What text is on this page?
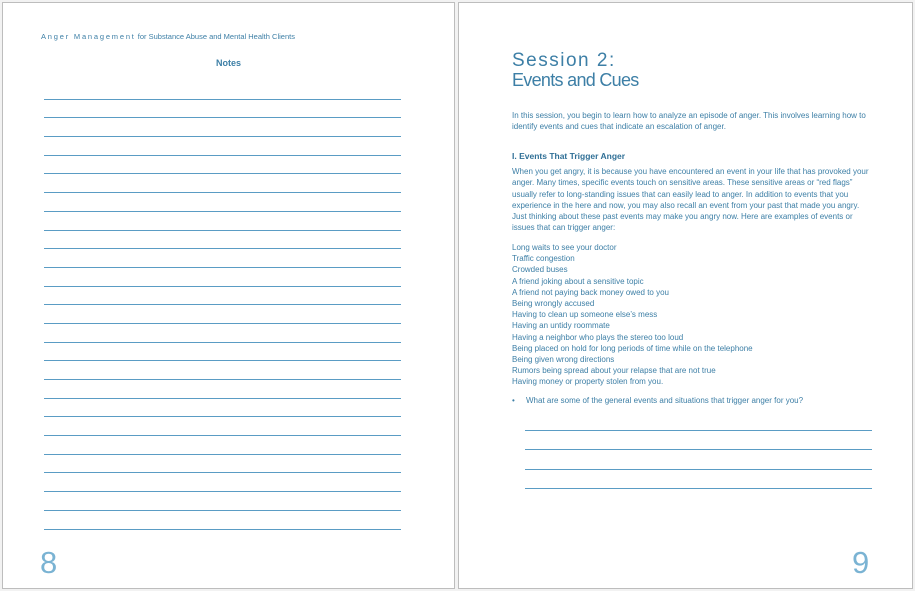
Anger Management for Substance Abuse and Mental Health Clients
Notes
8
Session 2:
Events and Cues

In this session, you begin to learn how to analyze an episode of anger. This involves learning how to identify events and cues that indicate an escalation of anger.

I. Events That Trigger Anger

When you get angry, it is because you have encountered an event in your life that has provoked your anger. Many times, specific events touch on sensitive areas. These sensitive areas or “red flags” usually refer to long-standing issues that can easily lead to anger. In addition to events that you experience in the here and now, you may also recall an event from your past that made you angry. Just thinking about these past events may make you angry now. Here are examples of events or issues that can trigger anger:

Long waits to see your doctor
Traffic congestion
Crowded buses
A friend joking about a sensitive topic
A friend not paying back money owed to you
Being wrongly accused
Having to clean up someone else’s mess
Having an untidy roommate
Having a neighbor who plays the stereo too loud
Being placed on hold for long periods of time while on the telephone
Being given wrong directions
Rumors being spread about your relapse that are not true
Having money or property stolen from you.
• What are some of the general events and situations that trigger anger for you?
9
